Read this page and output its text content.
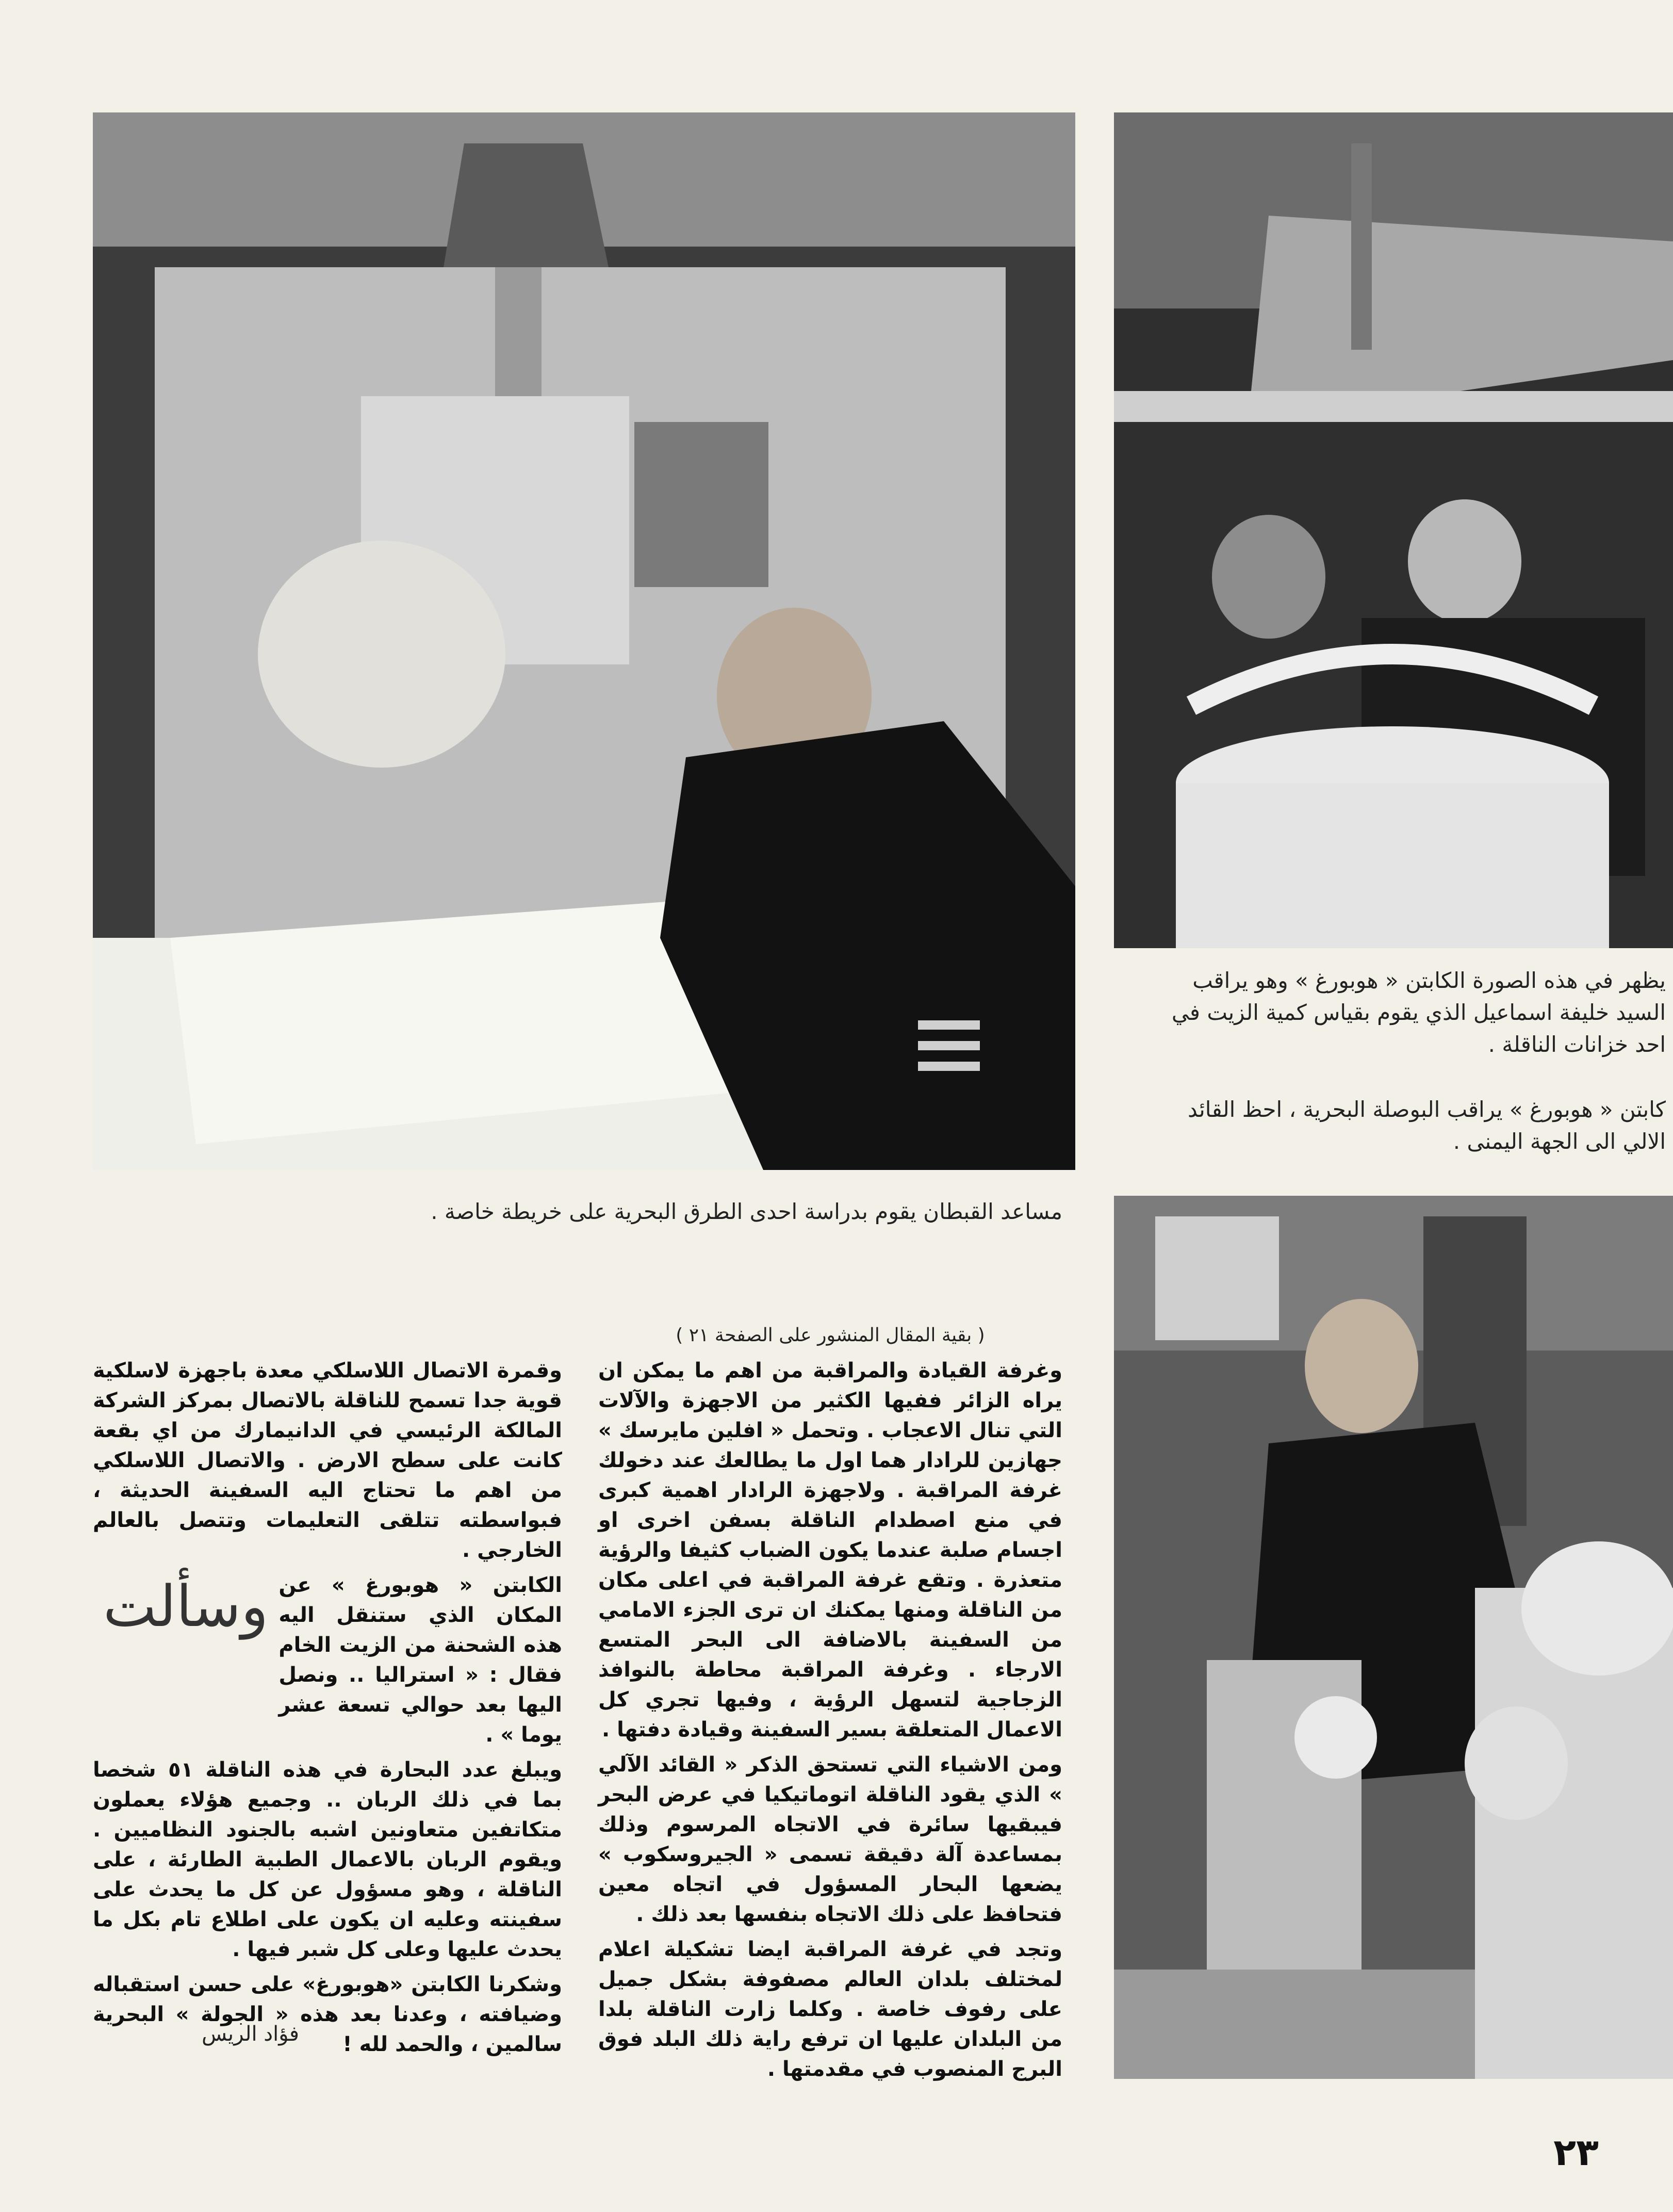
مساعد القبطان يقوم بدراسة احدى الطرق البحرية على خريطة خاصة .

يظهر في هذه الصورة الكابتن « هوبورغ » وهو يراقب السيد خليفة اسماعيل الذي يقوم بقياس كمية الزيت في احد خزانات الناقلة .

كابتن « هوبورغ » يراقب البوصلة البحرية ، احظ القائد الالي الى الجهة اليمنى .

( بقية المقال المنشور على الصفحة ٢١ )

وغرفة القيادة والمراقبة من اهم ما يمكن ان يراه الزائر ففيها الكثير من الاجهزة والآلات التي تنال الاعجاب . وتحمل « افلين مايرسك » جهازين للرادار هما اول ما يطالعك عند دخولك غرفة المراقبة . ولاجهزة الرادار اهمية كبرى في منع اصطدام الناقلة بسفن اخرى او اجسام صلبة عندما يكون الضباب كثيفا والرؤية متعذرة . وتقع غرفة المراقبة في اعلى مكان من الناقلة ومنها يمكنك ان ترى الجزء الامامي من السفينة بالاضافة الى البحر المتسع الارجاء . وغرفة المراقبة محاطة بالنوافذ الزجاجية لتسهل الرؤية ، وفيها تجري كل الاعمال المتعلقة بسير السفينة وقيادة دفتها .

ومن الاشياء التي تستحق الذكر « القائد الآلي » الذي يقود الناقلة اتوماتيكيا في عرض البحر فيبقيها سائرة في الاتجاه المرسوم وذلك بمساعدة آلة دقيقة تسمى « الجيروسكوب » يضعها البحار المسؤول في اتجاه معين فتحافظ على ذلك الاتجاه بنفسها بعد ذلك .

وتجد في غرفة المراقبة ايضا تشكيلة اعلام لمختلف بلدان العالم مصفوفة بشكل جميل على رفوف خاصة . وكلما زارت الناقلة بلدا من البلدان عليها ان ترفع راية ذلك البلد فوق البرج المنصوب في مقدمتها .

وقمرة الاتصال اللاسلكي معدة باجهزة لاسلكية قوية جدا تسمح للناقلة بالاتصال بمركز الشركة المالكة الرئيسي في الدانيمارك من اي بقعة كانت على سطح الارض . والاتصال اللاسلكي من اهم ما تحتاج اليه السفينة الحديثة ، فبواسطته تتلقى التعليمات وتتصل بالعالم الخارجي .

الكابتن « هوبورغ » عن المكان الذي ستنقل اليه هذه الشحنة من الزيت الخام فقال : « استراليا .. ونصل اليها بعد حوالي تسعة عشر يوما » .

وسألت

ويبلغ عدد البحارة في هذه الناقلة ٥١ شخصا بما في ذلك الربان .. وجميع هؤلاء يعملون متكاتفين متعاونين اشبه بالجنود النظاميين . ويقوم الربان بالاعمال الطبية الطارئة ، على الناقلة ، وهو مسؤول عن كل ما يحدث على سفينته وعليه ان يكون على اطلاع تام بكل ما يحدث عليها وعلى كل شبر فيها .

وشكرنا الكابتن «هوبورغ» على حسن استقباله وضيافته ، وعدنا بعد هذه « الجولة » البحرية سالمين ، والحمد لله !

فؤاد الريس

٢٣
